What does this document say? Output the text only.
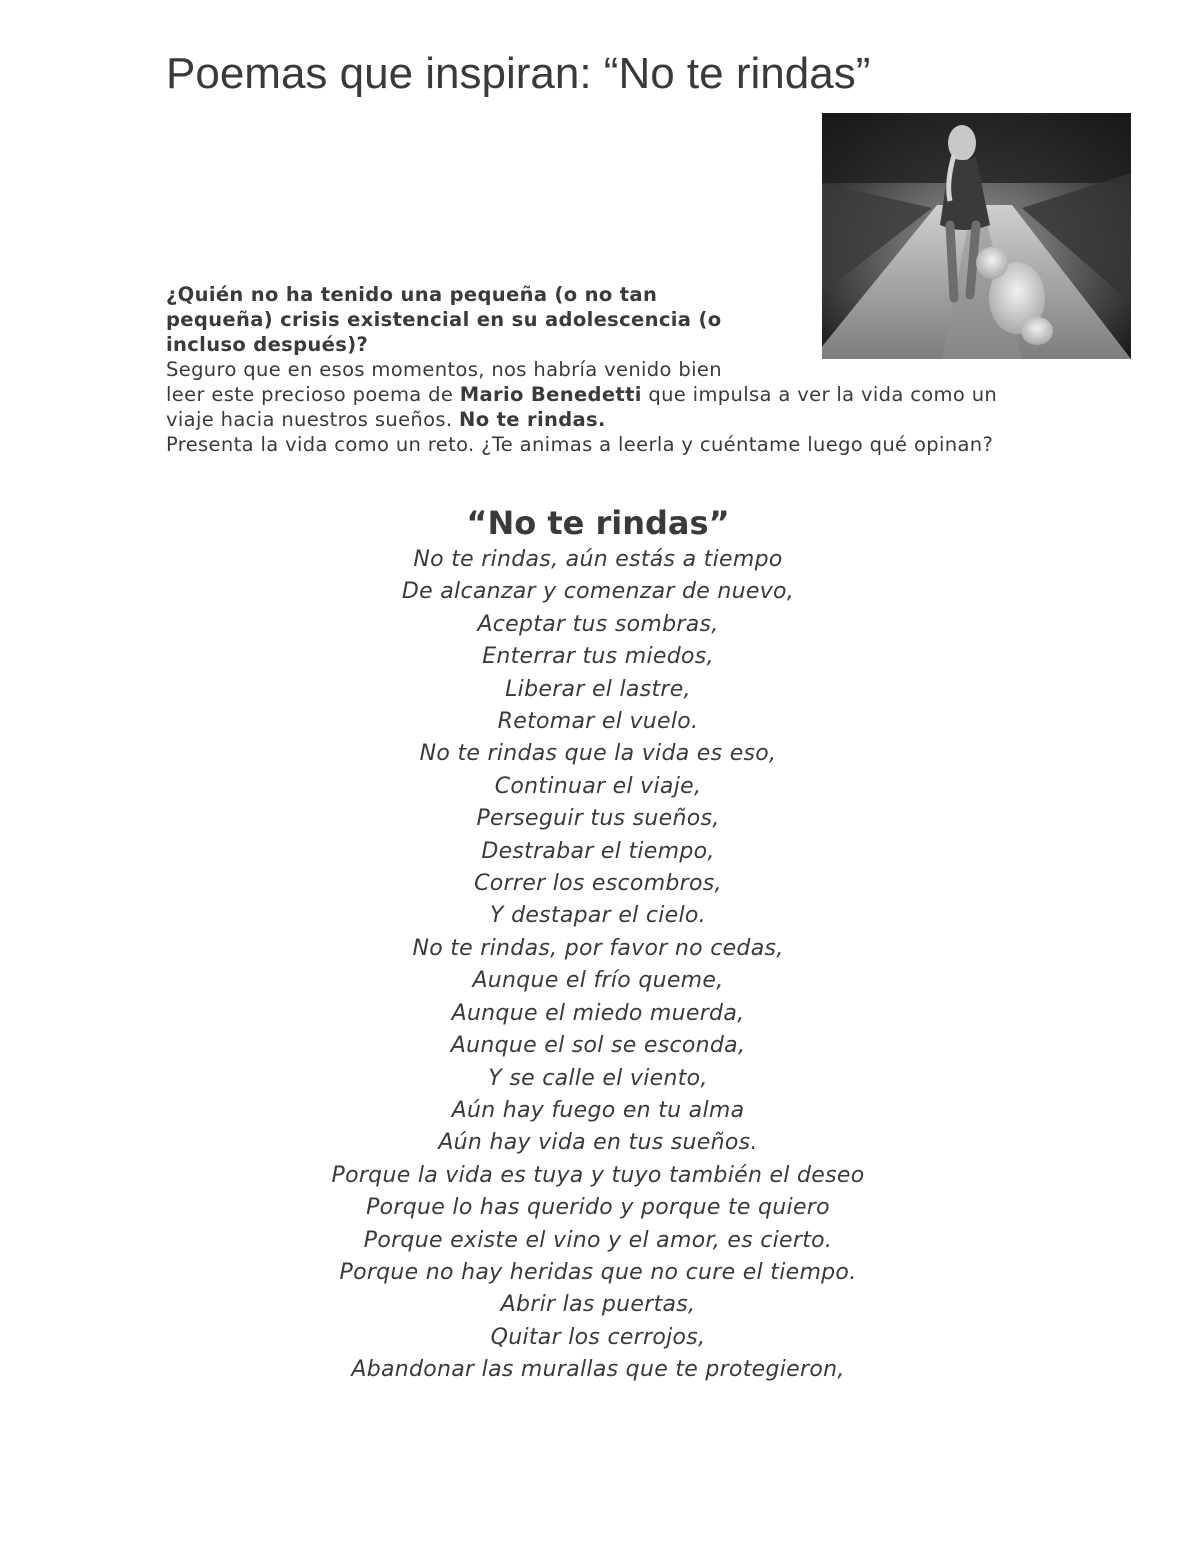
Poemas que inspiran: “No te rindas”

¿Quién no ha tenido una pequeña (o no tan pequeña) crisis existencial en su adolescencia (o incluso después)?

Seguro que en esos momentos, nos habría venido bien
leer este precioso poema de Mario Benedetti que impulsa a ver la vida como un viaje hacia nuestros sueños. No te rindas.

Presenta la vida como un reto. ¿Te animas a leerla y cuéntame luego qué opinan?

“No te rindas”
No te rindas, aún estás a tiempo
De alcanzar y comenzar de nuevo,
Aceptar tus sombras,
Enterrar tus miedos,
Liberar el lastre,
Retomar el vuelo.
No te rindas que la vida es eso,
Continuar el viaje,
Perseguir tus sueños,
Destrabar el tiempo,
Correr los escombros,
Y destapar el cielo.
No te rindas, por favor no cedas,
Aunque el frío queme,
Aunque el miedo muerda,
Aunque el sol se esconda,
Y se calle el viento,
Aún hay fuego en tu alma
Aún hay vida en tus sueños.
Porque la vida es tuya y tuyo también el deseo
Porque lo has querido y porque te quiero
Porque existe el vino y el amor, es cierto.
Porque no hay heridas que no cure el tiempo.
Abrir las puertas,
Quitar los cerrojos,
Abandonar las murallas que te protegieron,
